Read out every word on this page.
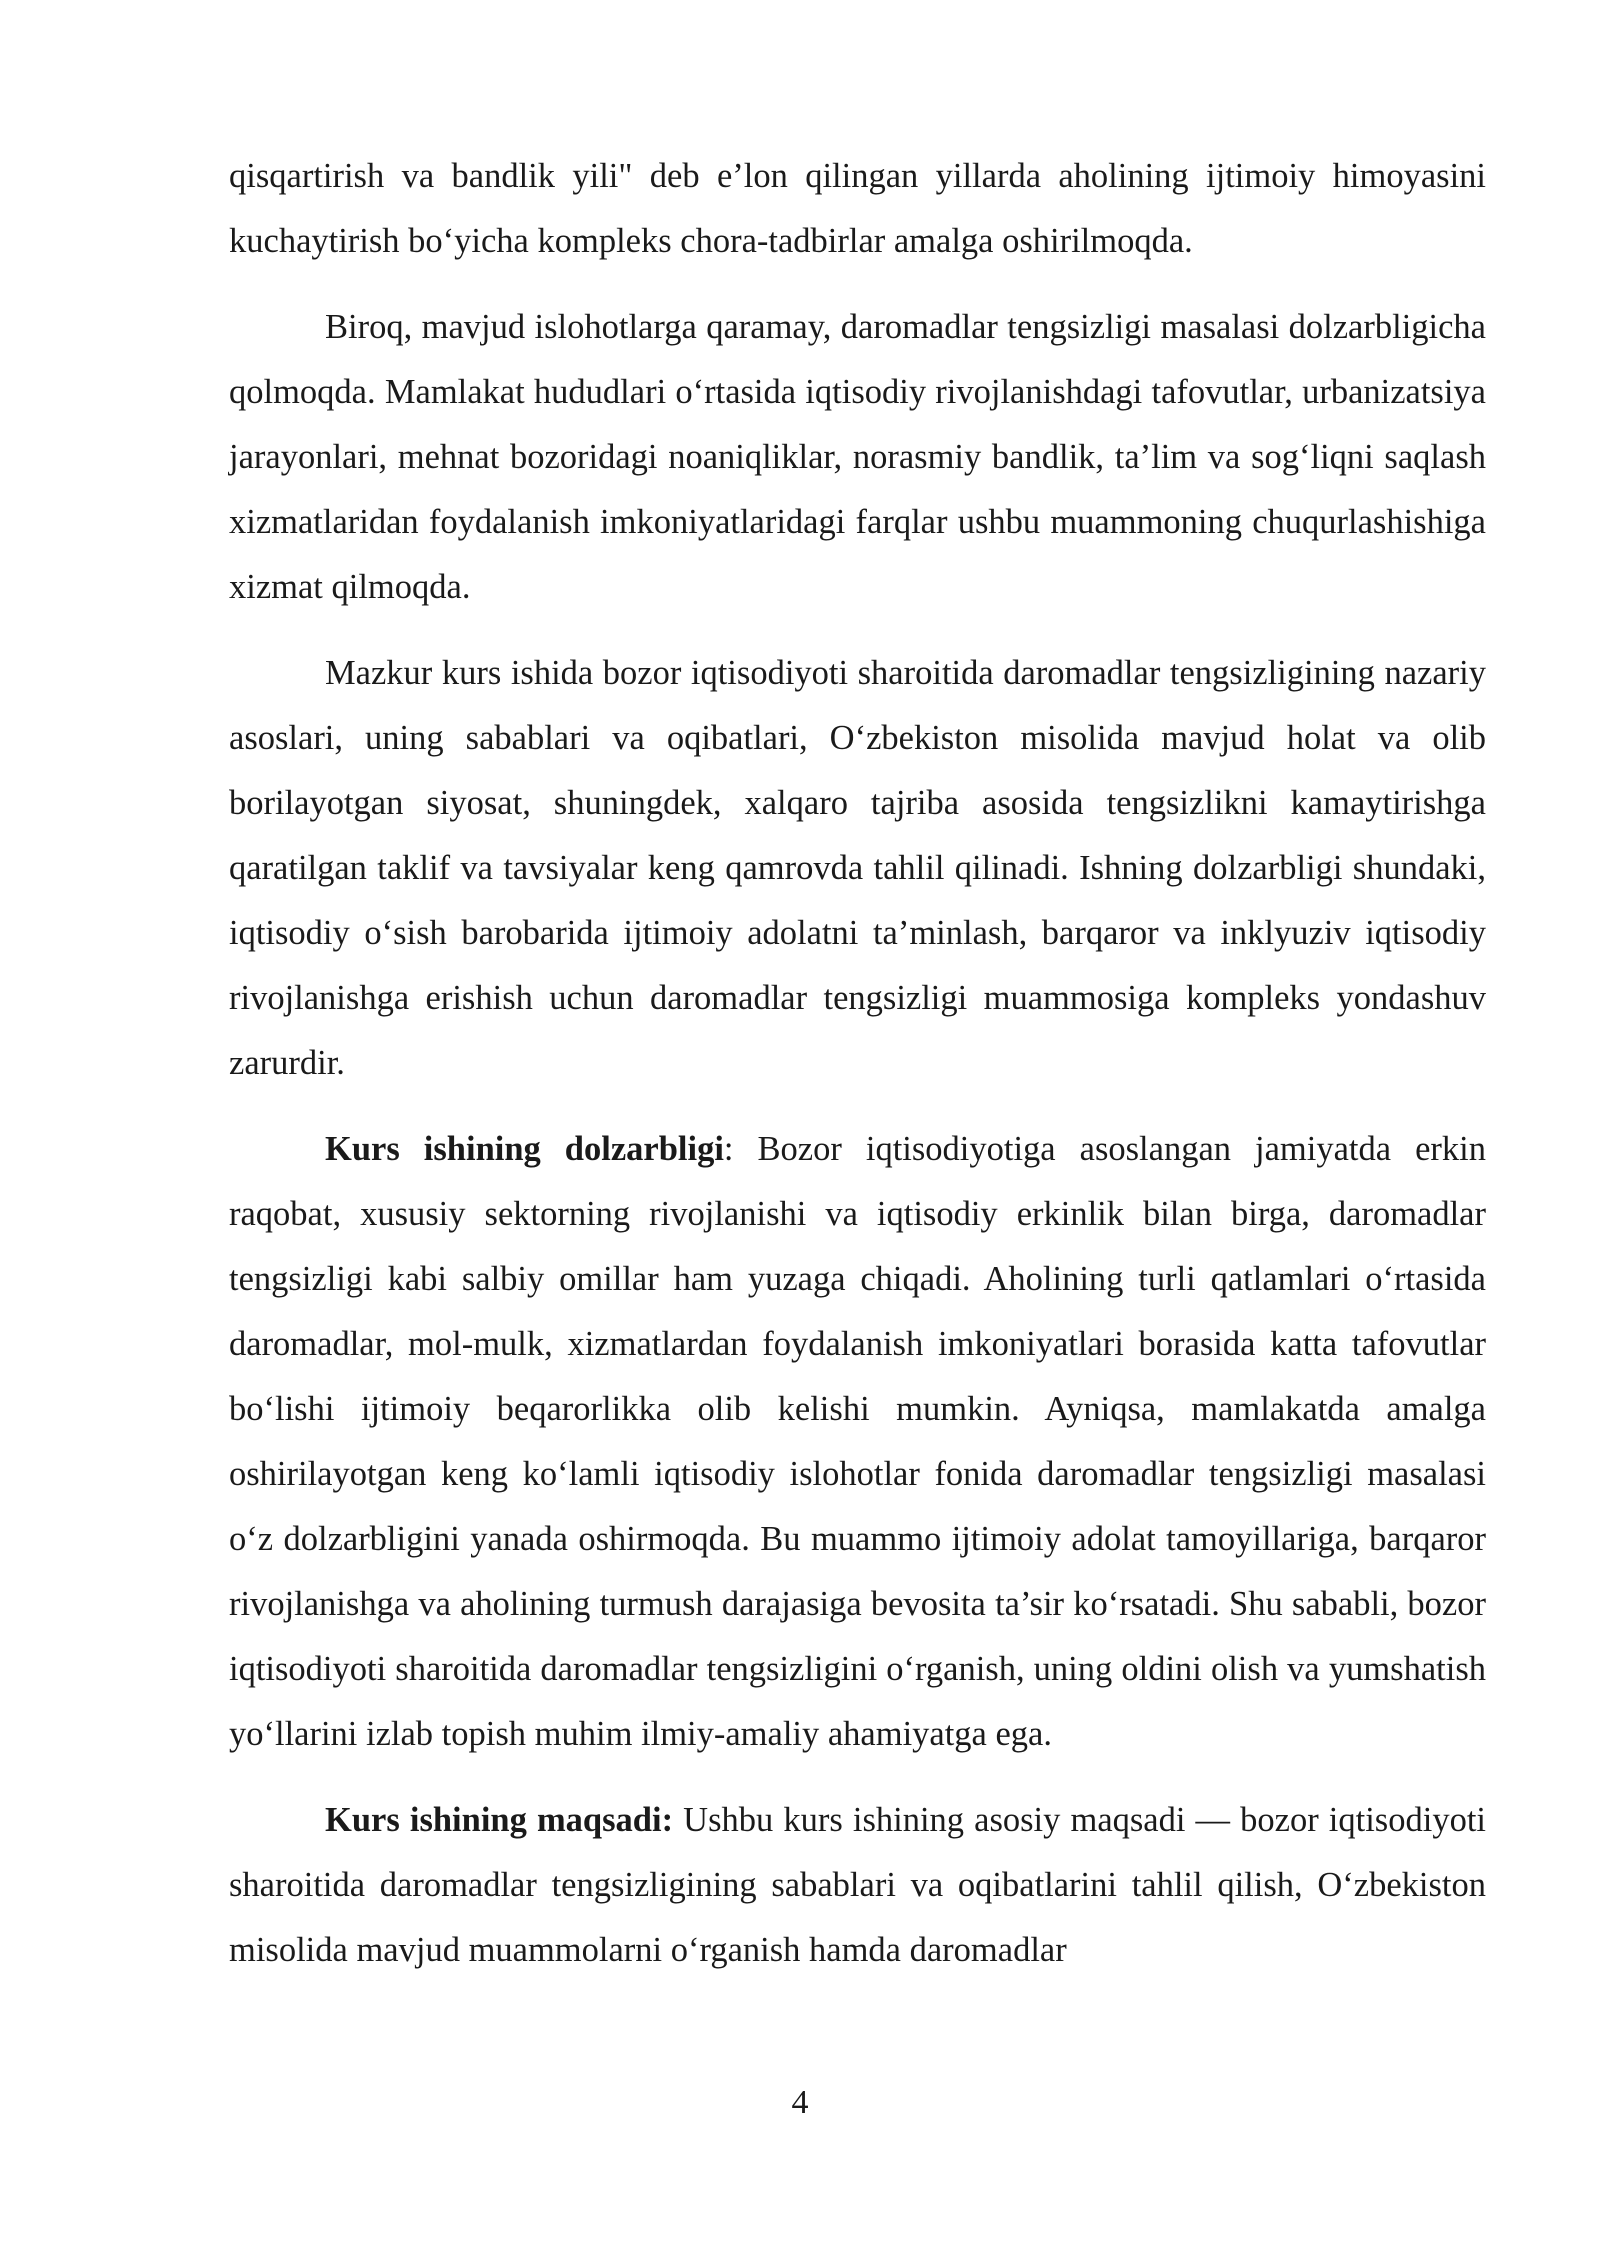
qisqartirish va bandlik yili" deb e’lon qilingan yillarda aholining ijtimoiy himoyasini kuchaytirish bo‘yicha kompleks chora-tadbirlar amalga oshirilmoqda.

Biroq, mavjud islohotlarga qaramay, daromadlar tengsizligi masalasi dolzarbligicha qolmoqda. Mamlakat hududlari o‘rtasida iqtisodiy rivojlanishdagi tafovutlar, urbanizatsiya jarayonlari, mehnat bozoridagi noaniqliklar, norasmiy bandlik, ta’lim va sog‘liqni saqlash xizmatlaridan foydalanish imkoniyatlaridagi farqlar ushbu muammoning chuqurlashishiga xizmat qilmoqda.

Mazkur kurs ishida bozor iqtisodiyoti sharoitida daromadlar tengsizligining nazariy asoslari, uning sabablari va oqibatlari, O‘zbekiston misolida mavjud holat va olib borilayotgan siyosat, shuningdek, xalqaro tajriba asosida tengsizlikni kamaytirishga qaratilgan taklif va tavsiyalar keng qamrovda tahlil qilinadi. Ishning dolzarbligi shundaki, iqtisodiy o‘sish barobarida ijtimoiy adolatni ta’minlash, barqaror va inklyuziv iqtisodiy rivojlanishga erishish uchun daromadlar tengsizligi muammosiga kompleks yondashuv zarurdir.

Kurs ishining dolzarbligi: Bozor iqtisodiyotiga asoslangan jamiyatda erkin raqobat, xususiy sektorning rivojlanishi va iqtisodiy erkinlik bilan birga, daromadlar tengsizligi kabi salbiy omillar ham yuzaga chiqadi. Aholining turli qatlamlari o‘rtasida daromadlar, mol-mulk, xizmatlardan foydalanish imkoniyatlari borasida katta tafovutlar bo‘lishi ijtimoiy beqarorlikka olib kelishi mumkin. Ayniqsa, mamlakatda amalga oshirilayotgan keng ko‘lamli iqtisodiy islohotlar fonida daromadlar tengsizligi masalasi o‘z dolzarbligini yanada oshirmoqda. Bu muammo ijtimoiy adolat tamoyillariga, barqaror rivojlanishga va aholining turmush darajasiga bevosita ta’sir ko‘rsatadi. Shu sababli, bozor iqtisodiyoti sharoitida daromadlar tengsizligini o‘rganish, uning oldini olish va yumshatish yo‘llarini izlab topish muhim ilmiy-amaliy ahamiyatga ega.

Kurs ishining maqsadi: Ushbu kurs ishining asosiy maqsadi — bozor iqtisodiyoti sharoitida daromadlar tengsizligining sabablari va oqibatlarini tahlil qilish, O‘zbekiston misolida mavjud muammolarni o‘rganish hamda daromadlar

4
